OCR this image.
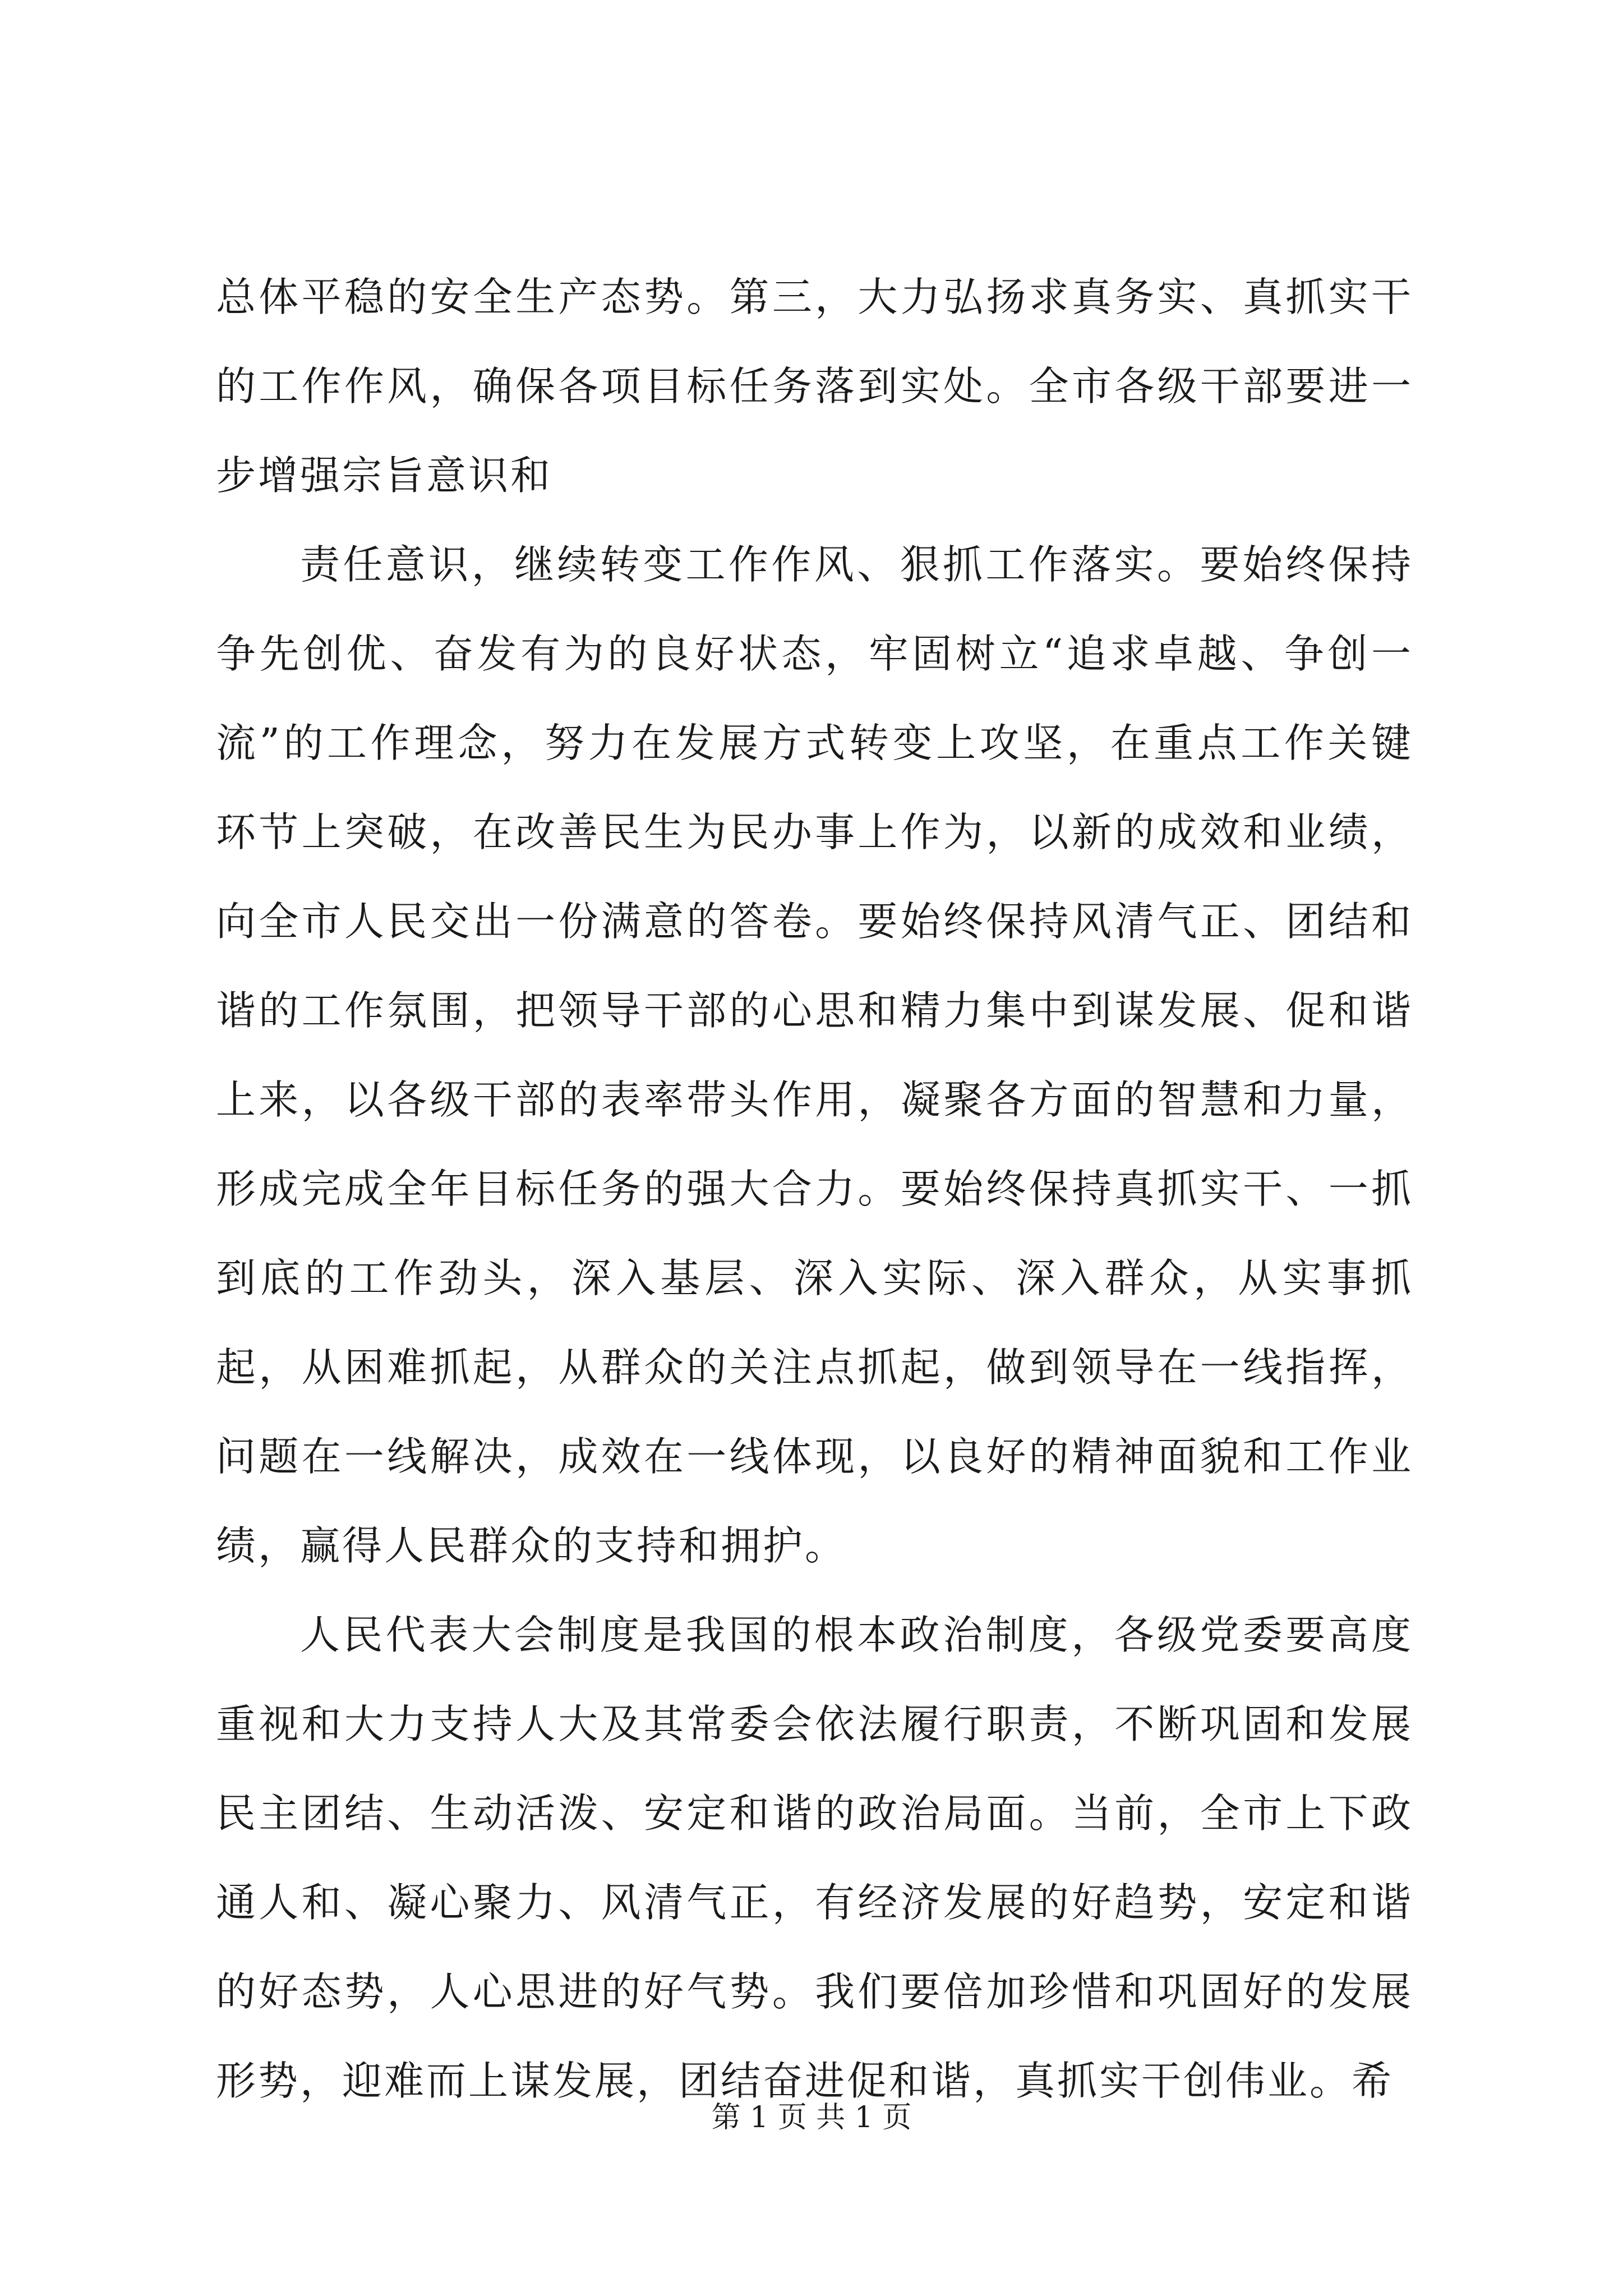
总体平稳的安全生产态势。第三，大力弘扬求真务实、真抓实干的工作作风，确保各项目标任务落到实处。全市各级干部要进一步增强宗旨意识和

责任意识，继续转变工作作风、狠抓工作落实。要始终保持争先创优、奋发有为的良好状态，牢固树立“追求卓越、争创一流”的工作理念，努力在发展方式转变上攻坚，在重点工作关键环节上突破，在改善民生为民办事上作为，以新的成效和业绩，向全市人民交出一份满意的答卷。要始终保持风清气正、团结和谐的工作氛围，把领导干部的心思和精力集中到谋发展、促和谐上来，以各级干部的表率带头作用，凝聚各方面的智慧和力量，形成完成全年目标任务的强大合力。要始终保持真抓实干、一抓到底的工作劲头，深入基层、深入实际、深入群众，从实事抓起，从困难抓起，从群众的关注点抓起，做到领导在一线指挥，问题在一线解决，成效在一线体现，以良好的精神面貌和工作业绩，赢得人民群众的支持和拥护。

人民代表大会制度是我国的根本政治制度，各级党委要高度重视和大力支持人大及其常委会依法履行职责，不断巩固和发展民主团结、生动活泼、安定和谐的政治局面。当前，全市上下政通人和、凝心聚力、风清气正，有经济发展的好趋势，安定和谐的好态势，人心思进的好气势。我们要倍加珍惜和巩固好的发展形势，迎难而上谋发展，团结奋进促和谐，真抓实干创伟业。希

第 1 页 共 1 页
